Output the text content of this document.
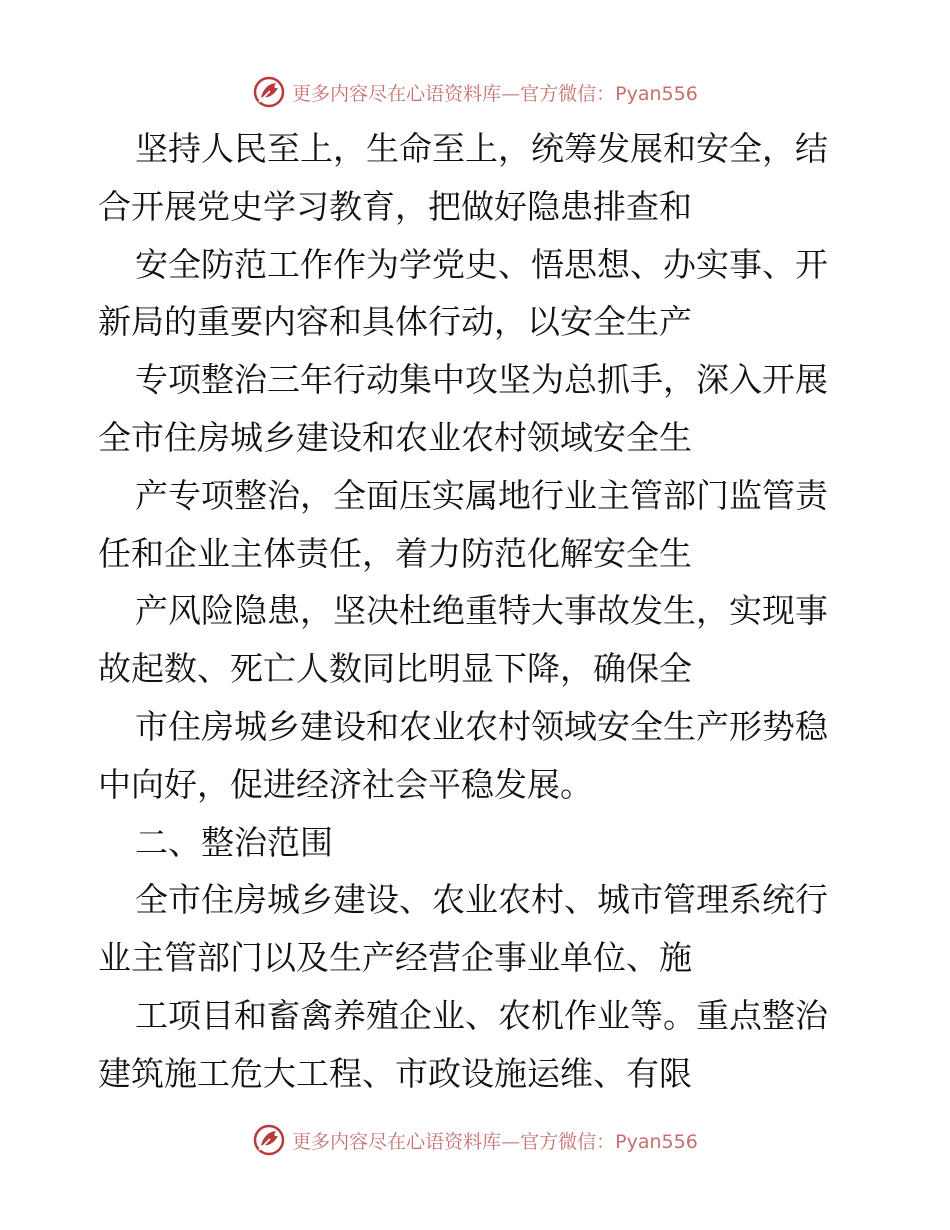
更多内容尽在心语资料库—官方微信：Pyan556
坚持人民至上，生命至上，统筹发展和安全，结
合开展党史学习教育，把做好隐患排查和
安全防范工作作为学党史、悟思想、办实事、开
新局的重要内容和具体行动，以安全生产
专项整治三年行动集中攻坚为总抓手，深入开展
全市住房城乡建设和农业农村领域安全生
产专项整治，全面压实属地行业主管部门监管责
任和企业主体责任，着力防范化解安全生
产风险隐患，坚决杜绝重特大事故发生，实现事
故起数、死亡人数同比明显下降，确保全
市住房城乡建设和农业农村领域安全生产形势稳
中向好，促进经济社会平稳发展。
二、整治范围
全市住房城乡建设、农业农村、城市管理系统行
业主管部门以及生产经营企事业单位、施
工项目和畜禽养殖企业、农机作业等。重点整治
建筑施工危大工程、市政设施运维、有限
更多内容尽在心语资料库—官方微信：Pyan556
